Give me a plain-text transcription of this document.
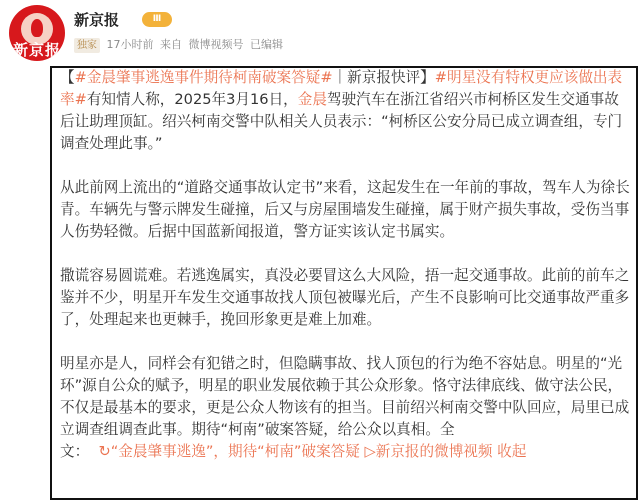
新京报
新京报	Ⅲ
独家 17小时前 来自 微博视频号 已编辑

【#金晨肇事逃逸事件期待柯南破案答疑#｜新京报快评】#明星没有特权更应该做出表率#有知情人称，2025年3月16日，金晨驾驶汽车在浙江省绍兴市柯桥区发生交通事故后让助理顶缸。绍兴柯南交警中队相关人员表示：“柯桥区公安分局已成立调查组，专门调查处理此事。”

从此前网上流出的“道路交通事故认定书”来看，这起发生在一年前的事故，驾车人为徐长青。车辆先与警示牌发生碰撞，后又与房屋围墙发生碰撞，属于财产损失事故，受伤当事人伤势轻微。后据中国蓝新闻报道，警方证实该认定书属实。

撒谎容易圆谎难。若逃逸属实，真没必要冒这么大风险，捂一起交通事故。此前的前车之鉴并不少，明星开车发生交通事故找人顶包被曝光后，产生不良影响可比交通事故严重多了，处理起来也更棘手，挽回形象更是难上加难。

明星亦是人，同样会有犯错之时，但隐瞒事故、找人顶包的行为绝不容姑息。明星的“光环”源自公众的赋予，明星的职业发展依赖于其公众形象。恪守法律底线、做守法公民，不仅是最基本的要求，更是公众人物该有的担当。目前绍兴柯南交警中队回应，局里已成立调查组调查此事。期待“柯南”破案答疑，给公众以真相。全
文： ↻“金晨肇事逃逸”，期待“柯南”破案答疑 ▷新京报的微博视频 收起
